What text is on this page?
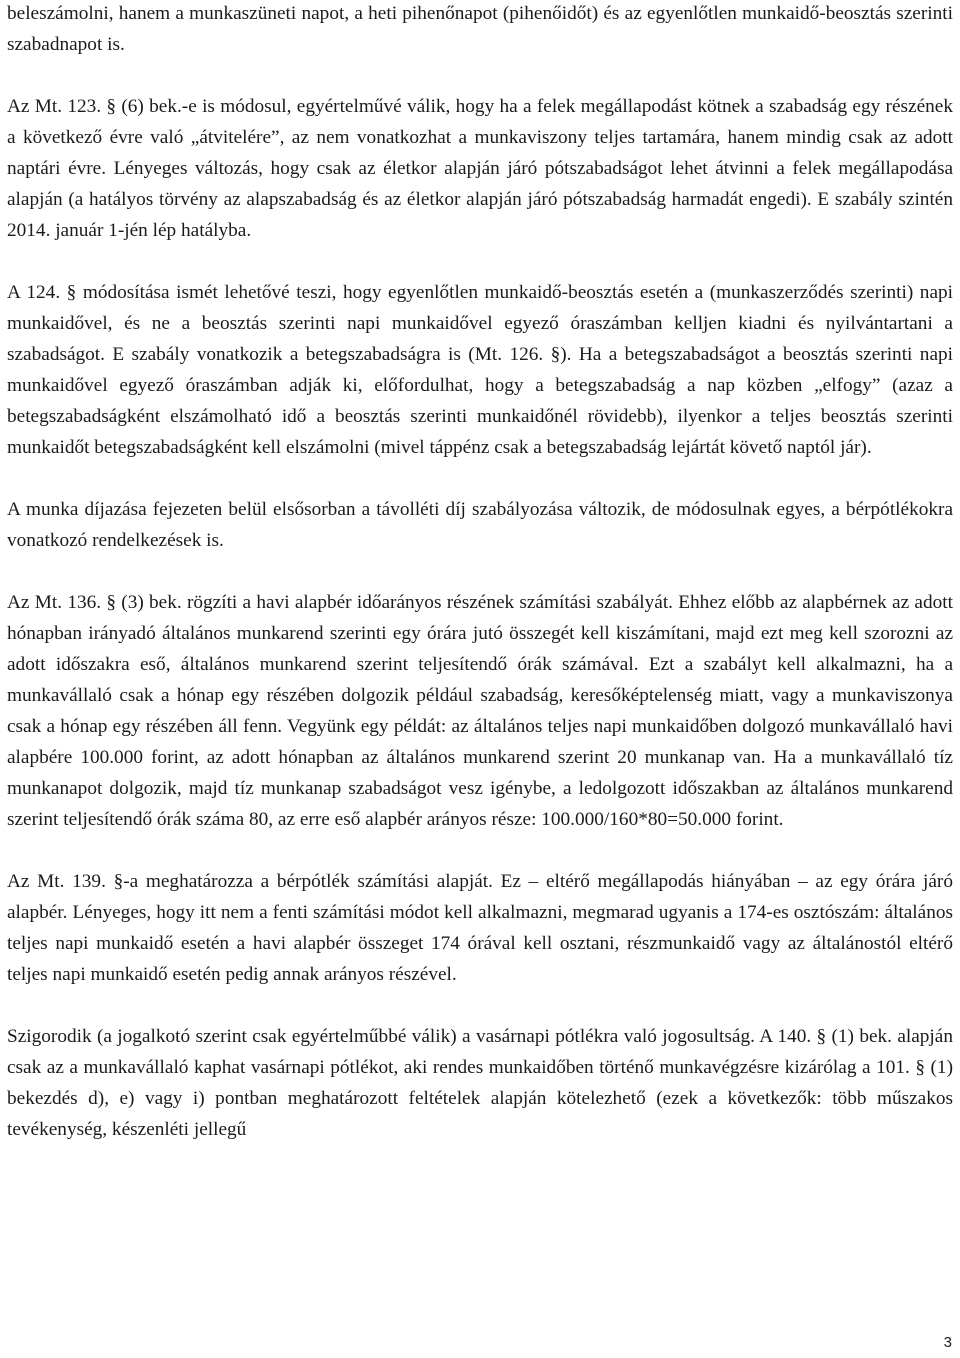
beleszámolni, hanem a munkaszüneti napot, a heti pihenőnapot (pihenőidőt) és az egyenlőtlen munkaidő-beosztás szerinti szabadnapot is.

Az Mt. 123. § (6) bek.-e is módosul, egyértelművé válik, hogy ha a felek megállapodást kötnek a szabadság egy részének a következő évre való „átvitelére”, az nem vonatkozhat a munkaviszony teljes tartamára, hanem mindig csak az adott naptári évre. Lényeges változás, hogy csak az életkor alapján járó pótszabadságot lehet átvinni a felek megállapodása alapján (a hatályos törvény az alapszabadság és az életkor alapján járó pótszabadság harmadát engedi). E szabály szintén 2014. január 1-jén lép hatályba.

A 124. § módosítása ismét lehetővé teszi, hogy egyenlőtlen munkaidő-beosztás esetén a (munkaszerződés szerinti) napi munkaidővel, és ne a beosztás szerinti napi munkaidővel egyező óraszámban kelljen kiadni és nyilvántartani a szabadságot. E szabály vonatkozik a betegszabadságra is (Mt. 126. §). Ha a betegszabadságot a beosztás szerinti napi munkaidővel egyező óraszámban adják ki, előfordulhat, hogy a betegszabadság a nap közben „elfogy” (azaz a betegszabadságként elszámolható idő a beosztás szerinti munkaidőnél rövidebb), ilyenkor a teljes beosztás szerinti munkaidőt betegszabadságként kell elszámolni (mivel táppénz csak a betegszabadság lejártát követő naptól jár).

A munka díjazása fejezeten belül elsősorban a távolléti díj szabályozása változik, de módosulnak egyes, a bérpótlékokra vonatkozó rendelkezések is.

Az Mt. 136. § (3) bek. rögzíti a havi alapbér időarányos részének számítási szabályát. Ehhez előbb az alapbérnek az adott hónapban irányadó általános munkarend szerinti egy órára jutó összegét kell kiszámítani, majd ezt meg kell szorozni az adott időszakra eső, általános munkarend szerint teljesítendő órák számával. Ezt a szabályt kell alkalmazni, ha a munkavállaló csak a hónap egy részében dolgozik például szabadság, keresőképtelenség miatt, vagy a munkaviszonya csak a hónap egy részében áll fenn. Vegyünk egy példát: az általános teljes napi munkaidőben dolgozó munkavállaló havi alapbére 100.000 forint, az adott hónapban az általános munkarend szerint 20 munkanap van. Ha a munkavállaló tíz munkanapot dolgozik, majd tíz munkanap szabadságot vesz igénybe, a ledolgozott időszakban az általános munkarend szerint teljesítendő órák száma 80, az erre eső alapbér arányos része: 100.000/160*80=50.000 forint.

Az Mt. 139. §-a meghatározza a bérpótlék számítási alapját. Ez – eltérő megállapodás hiányában – az egy órára járó alapbér. Lényeges, hogy itt nem a fenti számítási módot kell alkalmazni, megmarad ugyanis a 174-es osztószám: általános teljes napi munkaidő esetén a havi alapbér összeget 174 órával kell osztani, részmunkaidő vagy az általánostól eltérő teljes napi munkaidő esetén pedig annak arányos részével.

Szigorodik (a jogalkotó szerint csak egyértelműbbé válik) a vasárnapi pótlékra való jogosultság. A 140. § (1) bek. alapján csak az a munkavállaló kaphat vasárnapi pótlékot, aki rendes munkaidőben történő munkavégzésre kizárólag a 101. § (1) bekezdés d), e) vagy i) pontban meghatározott feltételek alapján kötelezhető (ezek a következők: több műszakos tevékenység, készenléti jellegű

3
